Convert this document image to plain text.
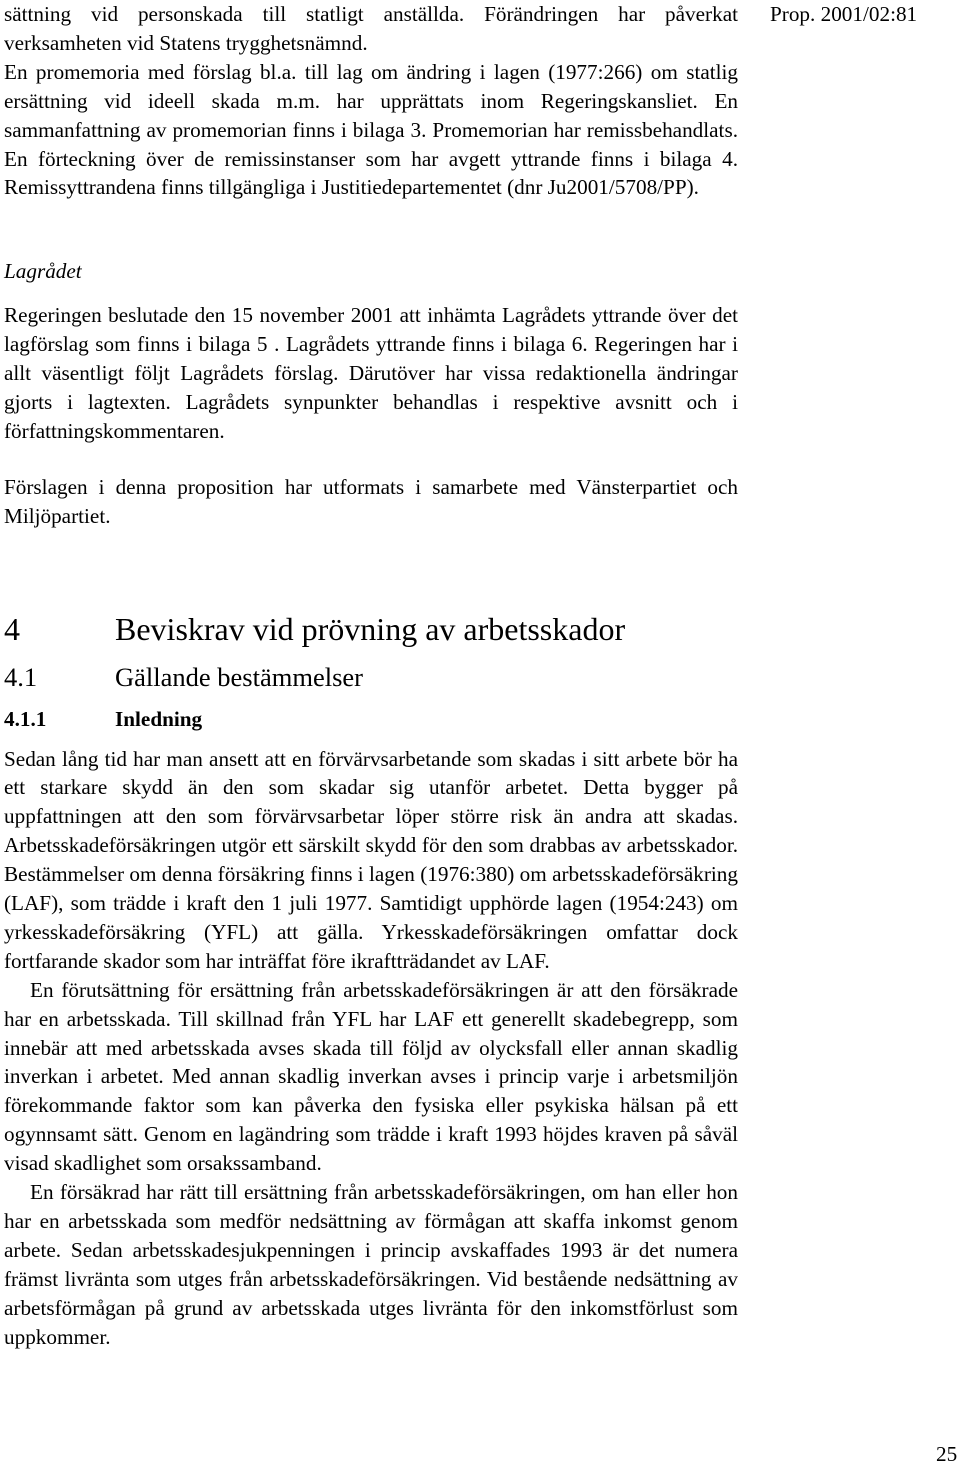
Prop. 2001/02:81

sättning vid personskada till statligt anställda. Förändringen har påverkat verksamheten vid Statens trygghetsnämnd.

En promemoria med förslag bl.a. till lag om ändring i lagen (1977:266) om statlig ersättning vid ideell skada m.m. har upprättats inom Regeringskansliet. En sammanfattning av promemorian finns i bilaga 3. Promemorian har remissbehandlats. En förteckning över de remissinstanser som har avgett yttrande finns i bilaga 4. Remissyttrandena finns tillgängliga i Justitiedepartementet (dnr Ju2001/5708/PP).

Lagrådet

Regeringen beslutade den 15 november 2001 att inhämta Lagrådets yttrande över det lagförslag som finns i bilaga 5 . Lagrådets yttrande finns i bilaga 6. Regeringen har i allt väsentligt följt Lagrådets förslag. Därutöver har vissa redaktionella ändringar gjorts i lagtexten. Lagrådets synpunkter behandlas i respektive avsnitt och i författningskommentaren.

Förslagen i denna proposition har utformats i samarbete med Vänsterpartiet och Miljöpartiet.

4	Beviskrav vid prövning av arbetsskador
4.1	Gällande bestämmelser
4.1.1	Inledning

Sedan lång tid har man ansett att en förvärvsarbetande som skadas i sitt arbete bör ha ett starkare skydd än den som skadar sig utanför arbetet. Detta bygger på uppfattningen att den som förvärvsarbetar löper större risk än andra att skadas. Arbetsskadeförsäkringen utgör ett särskilt skydd för den som drabbas av arbetsskador. Bestämmelser om denna försäkring finns i lagen (1976:380) om arbetsskadeförsäkring (LAF), som trädde i kraft den 1 juli 1977. Samtidigt upphörde lagen (1954:243) om yrkesskadeförsäkring (YFL) att gälla. Yrkesskadeförsäkringen omfattar dock fortfarande skador som har inträffat före ikraftträdandet av LAF.

En förutsättning för ersättning från arbetsskadeförsäkringen är att den försäkrade har en arbetsskada. Till skillnad från YFL har LAF ett generellt skadebegrepp, som innebär att med arbetsskada avses skada till följd av olycksfall eller annan skadlig inverkan i arbetet. Med annan skadlig inverkan avses i princip varje i arbetsmiljön förekommande faktor som kan påverka den fysiska eller psykiska hälsan på ett ogynnsamt sätt. Genom en lagändring som trädde i kraft 1993 höjdes kraven på såväl visad skadlighet som orsakssamband.

En försäkrad har rätt till ersättning från arbetsskadeförsäkringen, om han eller hon har en arbetsskada som medför nedsättning av förmågan att skaffa inkomst genom arbete. Sedan arbetsskadesjukpenningen i princip avskaffades 1993 är det numera främst livränta som utges från arbetsskadeförsäkringen. Vid bestående nedsättning av arbetsförmågan på grund av arbetsskada utges livränta för den inkomstförlust som uppkommer.

25
